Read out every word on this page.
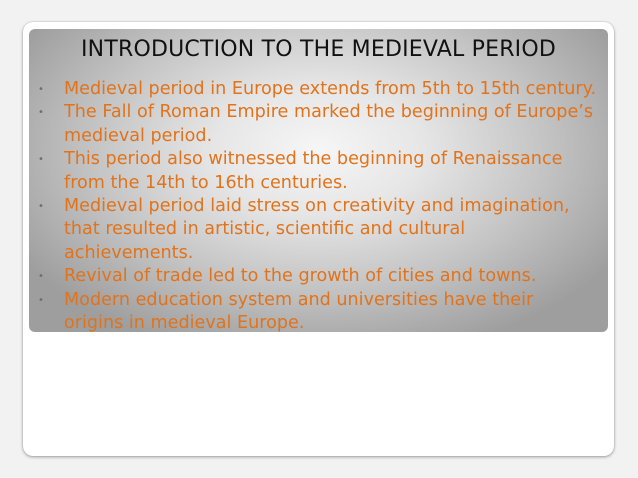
INTRODUCTION TO THE MEDIEVAL PERIOD
•	Medieval period in Europe extends from 5th to 15th century.
•	The Fall of Roman Empire marked the beginning of Europe’s medieval period.
•	This period also witnessed the beginning of Renaissance from the 14th to 16th centuries.
•	Medieval period laid stress on creativity and imagination, that resulted in artistic, scientific and cultural achievements.
•	Revival of trade led to the growth of cities and towns.
•	Modern education system and universities have their origins in medieval Europe.
